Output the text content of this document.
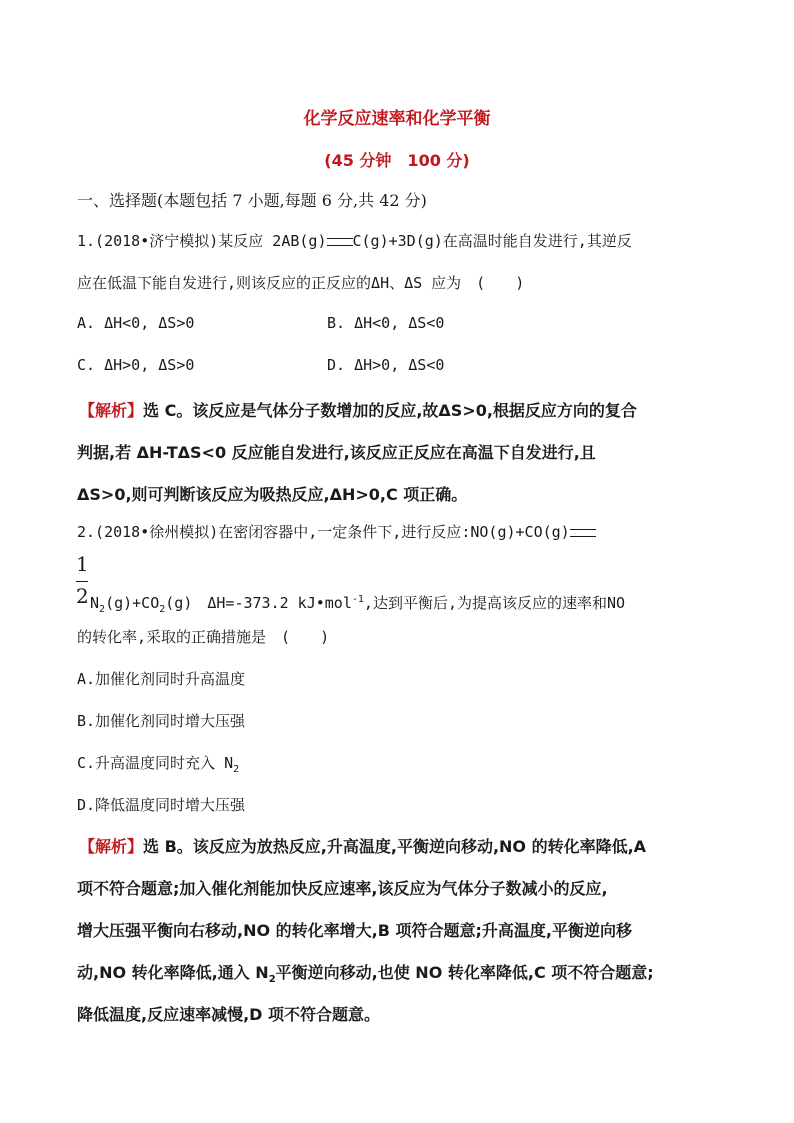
化学反应速率和化学平衡
(45 分钟　100 分)
一、选择题(本题包括 7 小题,每题 6 分,共 42 分)
1.(2018•济宁模拟)某反应 2AB(g) C(g)+3D(g)在高温时能自发进行,其逆反
应在低温下能自发进行,则该反应的正反应的ΔH、ΔS 应为　(　　)
A. ΔH<0, ΔS>0	B. ΔH<0, ΔS<0
C. ΔH>0, ΔS>0	D. ΔH>0, ΔS<0
【解析】选 C。该反应是气体分子数增加的反应,故ΔS>0,根据反应方向的复合
判据,若 ΔH-TΔS<0 反应能自发进行,该反应正反应在高温下自发进行,且
ΔS>0,则可判断该反应为吸热反应,ΔH>0,C 项正确。
2.(2018•徐州模拟)在密闭容器中,一定条件下,进行反应:NO(g)+CO(g)
1
2 $N_2(g)+CO_2(g)$　ΔH=-373.2 kJ•mol$^{-1}$,达到平衡后,为提高该反应的速率和NO
的转化率,采取的正确措施是　(　　)
A.加催化剂同时升高温度
B.加催化剂同时增大压强
C.升高温度同时充入 $N_2$
D.降低温度同时增大压强
【解析】选 B。该反应为放热反应,升高温度,平衡逆向移动,NO 的转化率降低,A
项不符合题意;加入催化剂能加快反应速率,该反应为气体分子数减小的反应,
增大压强平衡向右移动,NO 的转化率增大,B 项符合题意;升高温度,平衡逆向移
动,NO 转化率降低,通入 $N_2$平衡逆向移动,也使 NO 转化率降低,C 项不符合题意;
降低温度,反应速率减慢,D 项不符合题意。
